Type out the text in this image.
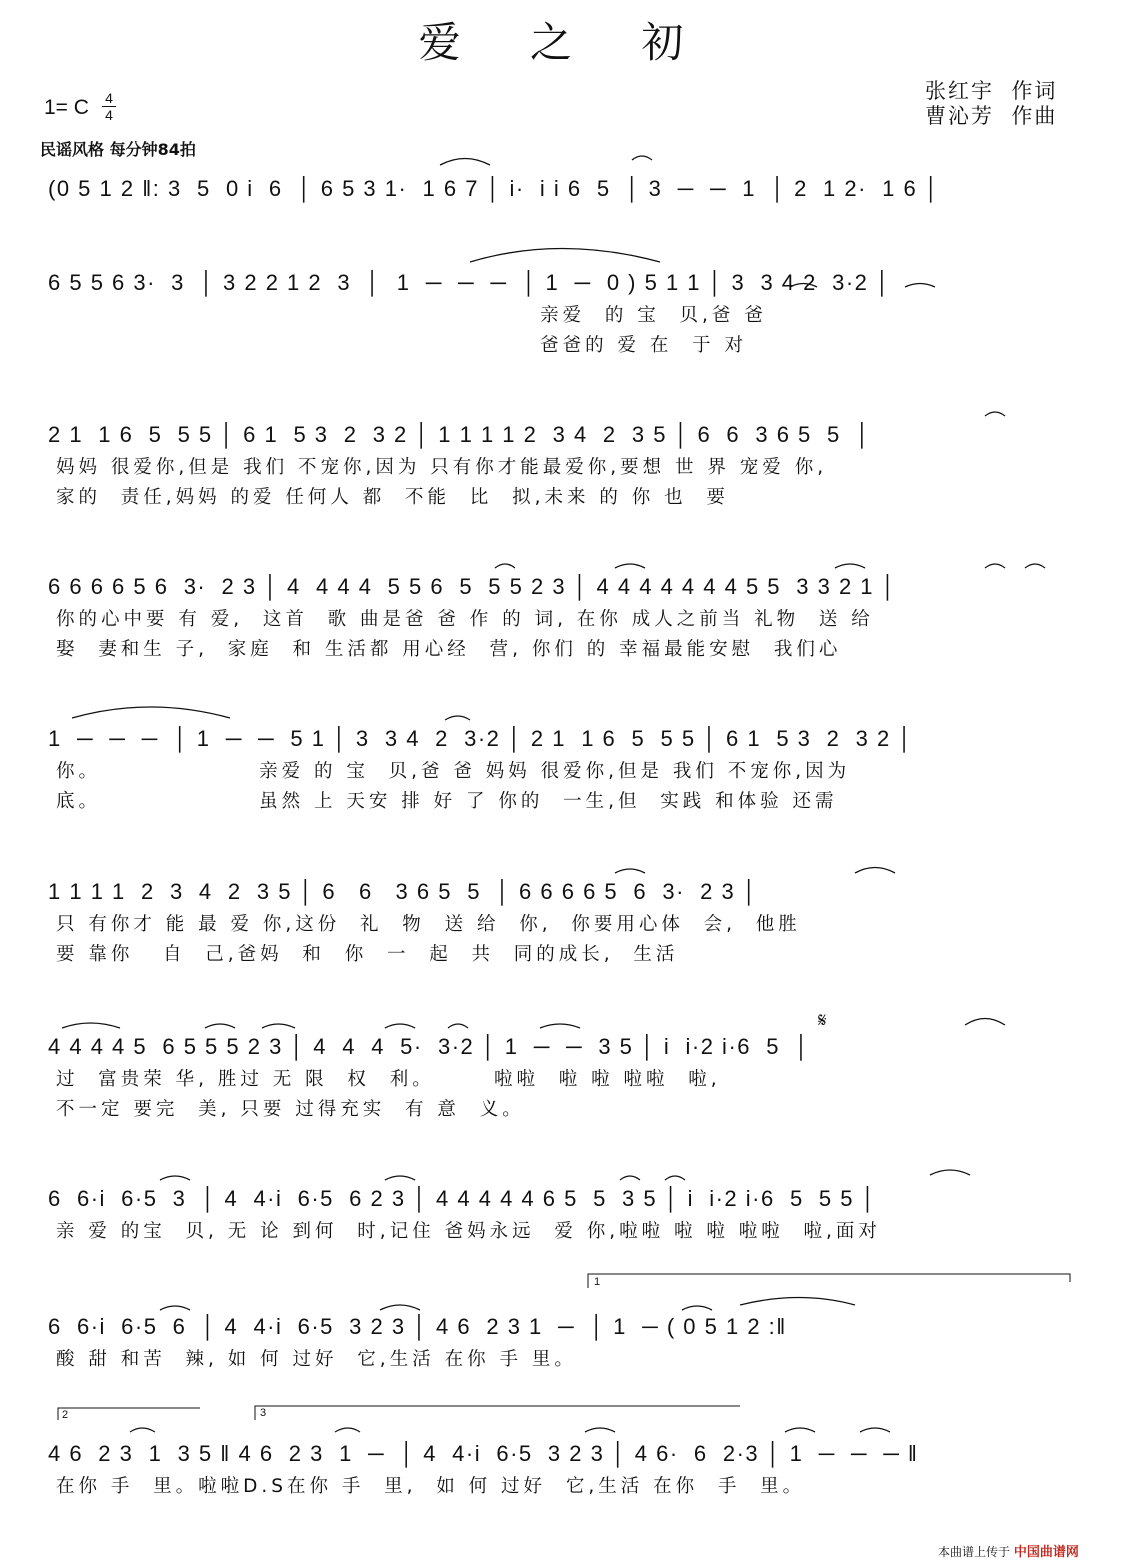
爱 之 初
张红宇  作词
曹沁芳  作曲
1= C 4
4
民谣风格 每分钟84拍
(0 5 1 2 ‖: 3  5  0 i  6  │ 6 5 3 1·  1 6 7 │ i·  i i 6  5  │ 3  ─  ─  1  │ 2  1 2·  1 6 │
6 5 5 6 3·  3  │ 3 2 2 1 2  3  │  1  ─  ─  ─  │ 1  ─  0 ) 5 1 1 │ 3  3 4 2  3·2 │
亲爱  的 宝  贝,爸 爸
爸爸的 爱 在  于 对
2 1  1 6  5  5 5 │ 6 1  5 3  2  3 2 │ 1 1 1 1 2  3 4  2  3 5 │ 6  6  3 6 5  5  │
妈妈 很爱你,但是 我们 不宠你,因为 只有你才能最爱你,要想 世 界 宠爱 你,
家的  责任,妈妈 的爱 任何人 都  不能  比  拟,未来 的 你 也  要
6 6 6 6 5 6  3·  2 3 │ 4  4 4 4  5 5 6  5  5 5 2 3 │ 4 4 4 4 4 4 4 5 5  3 3 2 1 │
你的心中要 有 爱,  这首  歌 曲是爸 爸 作 的 词, 在你 成人之前当 礼物  送 给
娶  妻和生 子,  家庭  和 生活都 用心经  营, 你们 的 幸福最能安慰  我们心
1  ─  ─  ─  │ 1  ─  ─  5 1 │ 3  3 4  2  3·2 │ 2 1  1 6  5  5 5 │ 6 1  5 3  2  3 2 │
你。                亲爱 的 宝  贝,爸 爸 妈妈 很爱你,但是 我们 不宠你,因为
底。                虽然 上 天安 排 好 了 你的  一生,但  实践 和体验 还需
1 1 1 1  2  3  4  2  3 5 │ 6   6   3 6 5  5  │ 6 6 6 6 5  6  3·  2 3 │
只 有你才 能 最 爱 你,这份  礼  物  送 给  你,  你要用心体  会,  他胜
要 靠你   自  己,爸妈  和  你  一  起  共  同的成长,  生活
4 4 4 4 5  6 5 5 5 2 3 │ 4  4  4  5·  3·2 │ 1  ─  ─  3 5 │ i  i·2 i·6  5  │
过  富贵荣 华, 胜过 无 限  权  利。      啦啦  啦 啦 啦啦  啦,
不一定 要完  美, 只要 过得充实  有 意  义。
6  6·i  6·5  3  │ 4  4·i  6·5  6 2 3 │ 4 4 4 4 4 6 5  5  3 5 │ i  i·2 i·6  5  5 5 │
亲 爱 的宝  贝, 无 论 到何  时,记住 爸妈永远  爱 你,啦啦 啦 啦 啦啦  啦,面对
6  6·i  6·5  6  │ 4  4·i  6·5  3 2 3 │ 4 6  2 3 1  ─  │ 1  ─ ( 0 5 1 2 :‖
酸 甜 和苦  辣, 如 何 过好  它,生活 在你 手 里。
4 6  2 3  1  3 5 ‖ 4 6  2 3  1  ─  │ 4  4·i  6·5  3 2 3 │ 4 6·  6  2·3 │ 1  ─  ─  ─ ‖
在你 手  里。啦啦D.S在你 手  里,  如 何 过好  它,生活 在你  手  里。
1
2	3
𝄋
本曲谱上传于 中国曲谱网
